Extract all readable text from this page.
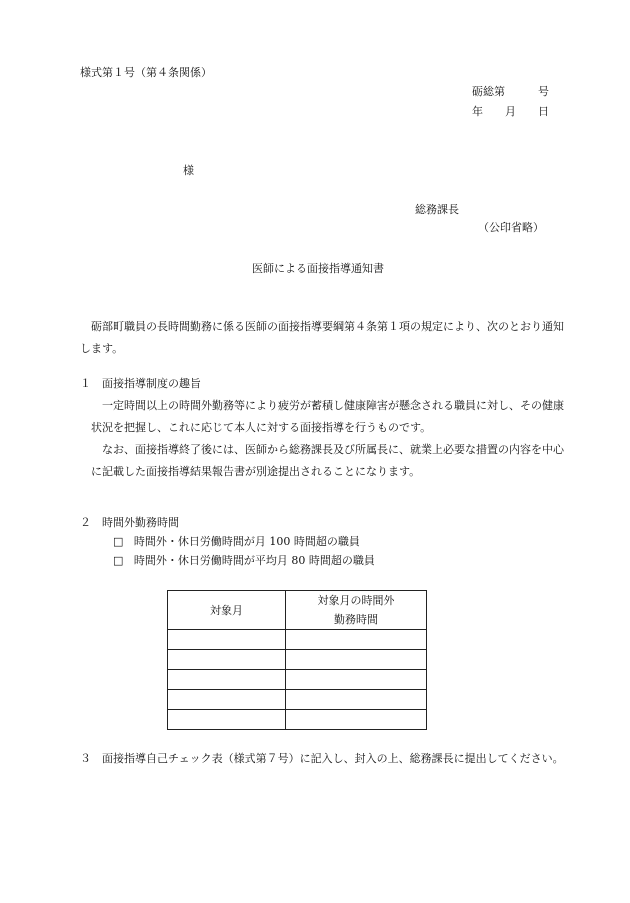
様式第１号（第４条関係）
砺総第　　　号
年　　月　　日
様
総務課長
（公印省略）
医師による面接指導通知書

砺部町職員の長時間勤務に係る医師の面接指導要綱第４条第１項の規定により、次のとおり通知します。

１　面接指導制度の趣旨

一定時間以上の時間外勤務等により疲労が蓄積し健康障害が懸念される職員に対し、その健康状況を把握し、これに応じて本人に対する面接指導を行うものです。

なお、面接指導終了後には、医師から総務課長及び所属長に、就業上必要な措置の内容を中心に記載した面接指導結果報告書が別途提出されることになります。

２　時間外勤務時間
□ 時間外・休日労働時間が月 100 時間超の職員
□ 時間外・休日労働時間が平均月 80 時間超の職員
対象月	対象月の時間外
勤務時間

３　面接指導自己チェック表（様式第７号）に記入し、封入の上、総務課長に提出してください。
